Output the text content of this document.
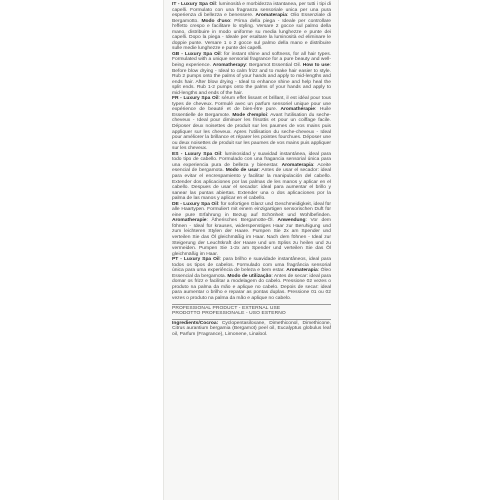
IT - Luxury Spa Oil: luminosità e morbidezza istantanea, per tutti i tipi di capelli. Formulato con una fragranza sensoriale unica per una pura esperienza di bellezza e benessere. Aromaterapia: Olio Essenziale di Bergamotto. Modo d'uso: Prima della piega - Ideale per controllare l'effetto crespo e facilitare lo styling. Versare 2 gocce sul palmo della mano, distribuire in modo uniforme su media lunghezze e punte dei capelli. Dopo la piega - Ideale per esaltare la luminosità ed eliminare le doppie punte. Versare 1 o 2 gocce sul palmo della mano e distribuire sulle medie lunghezze e punte dei capelli.

GB - Luxury Spa Oil: for instant shine and softness, for all hair types. Formulated with a unique sensorial fragrance for a pure beauty and well-being experience. Aromatherapy: Bergamot Essential Oil. How to use: Before blow drying - Ideal to calm frizz and to make hair easier to style. Rub 2 pumps onto the palms of your hands and apply to mid-lengths and ends hair. After blow drying - Ideal to enhance shine and help heal the split ends. Rub 1-2 pumps onto the palms of your hands and apply to mid-lengths and ends of the hair.

FR - Luxury Spa Oil: sérum effet lissant et brillant, il est idéal pour tous types de cheveux. Formulé avec un parfum sensoriel unique pour une expérience de beauté et de bien-être pure. Aromathérapie: Huile Essentielle de Bergamote. Mode d'emploi: Avant l'utilisation du seche-cheveux - Ideal pour diminuer les frisottis et pour un coiffage facile. Déposer deux noisettes de produit sur les paumes de vos mains puis appliquer sur les cheveux. Apres l'utilisation du seche-cheveux - Ideal pour améliorer la brillance et réparer les pointes fourchues. Déposer une ou deux noisettes de produit sur les paumes de vos mains puis appliquer sur les cheveux.

ES - Luxury Spa Oil: luminosidad y suavidad instantánea, ideal para todo tipo de cabello. Formulado con una fragancia sensorial única para una experiencia pura de belleza y bienestar. Aromaterapia: Aceite esencial de bergamota. Modo de usar: Antes de usar el secador: ideal para evitar el encrespamiento y facilitar la manipulación del cabello. Extender dos aplicaciones por las palmas de les manos y aplicar en el cabello. Despues de usar el secador: ideal para aumentar el brillo y sanear las puntas abiertas. Extender una o dos aplicaciones por la palma de las manos y aplicar en el cabello.

DE - Luxury Spa Oil: für sofortigen Glanz und Geschmeidigkeit, ideal für alle Haartypen. Formuliert mit einem einzigartigen sensorischen Duft für eine pure Erfahrung in Bezug auf Schönheit und Wohlbefinden. Aromatherapie: Ätherisches Bergamotte-Öl. Anwendung: Vor dem föhnen - Ideal für krauses, widerspenstiges Haar zur Beruhigung und zum leichteren Stylen der Haare. Pumpen Sie 2x am Spender und verteilen Sie das Öl gleichmäßig im Haar. Nach dem föhnen - Ideal zur Steigerung der Leuchtkraft der Haare und um Spliss zu heilen und zu vermeiden. Pumpen Sie 1-2x am Spender und verteilen Sie das Öl gleichmäßig im Haar.

PT - Luxury Spa Oil: para brilho e suavidade instantâneos, ideal para todos os tipos de cabelos. Formulado com uma fragrância sensorial única para uma experiência de beleza e bem estar. Aromaterapia: Óleo Essencial da bergamota. Modo de utilização: Antes de secar: ideal para domar os frizz e facilitar a modelagem do cabelo. Pressione 02 vezes o produto na palma da mão e aplique no cabelo. Depois de secar: ideal para aumentar o brilho e reparar as pontas duplas. Pressione 01 ou 02 vezes o produto na palma da mão e aplique no cabelo.

PROFESSIONAL PRODUCT - EXTERNAL USE

PRODOTTO PROFESSIONALE - USO ESTERNO

Ingredients/Cocroa: Cyclopentasiloxane, Dimethiconol, Dimethicone, Citrus aurantium bergamia (Bergamot) peel oil, Eucalyptus globulus leaf oil, Parfum (Fragrance), Limonene, Linalool.
